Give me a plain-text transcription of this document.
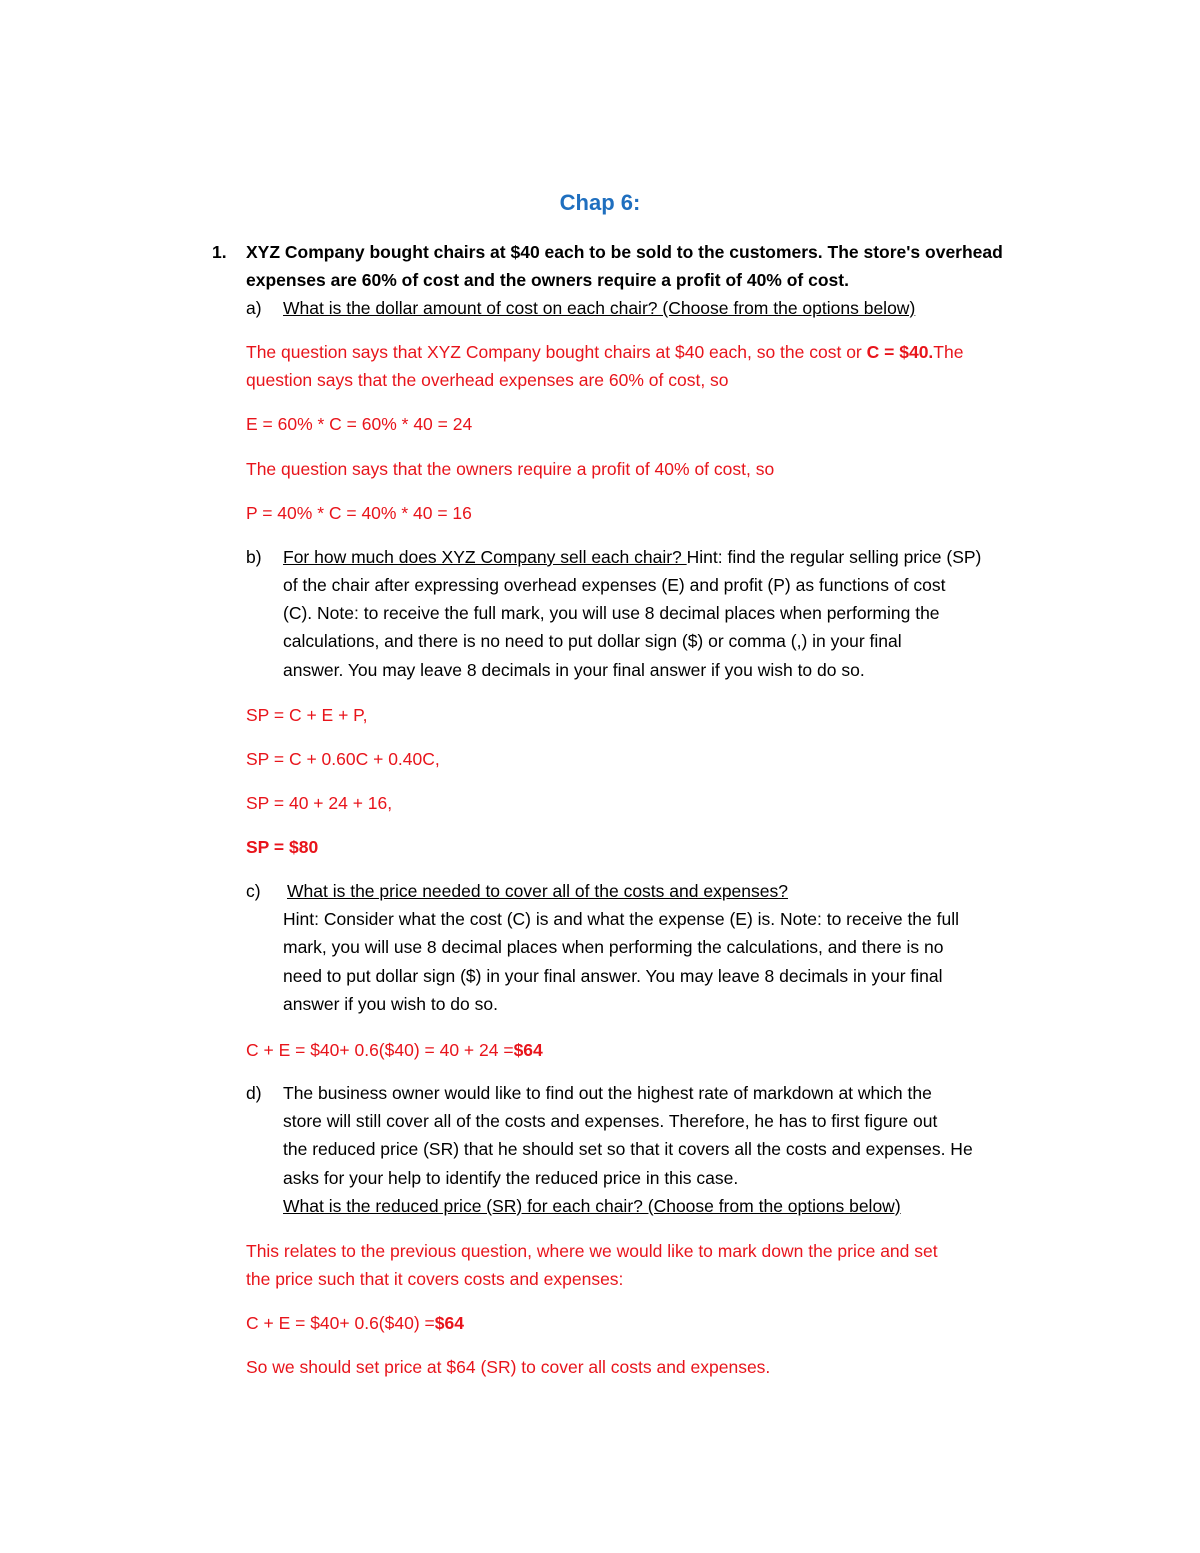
Chap 6:
1. XYZ Company bought chairs at $40 each to be sold to the customers. The store's overhead
expenses are 60% of cost and the owners require a profit of 40% of cost.
a) What is the dollar amount of cost on each chair? (Choose from the options below)
The question says that XYZ Company bought chairs at $40 each, so the cost or C = $40.The
question says that the overhead expenses are 60% of cost, so
E = 60% * C = 60% * 40 = 24
The question says that the owners require a profit of 40% of cost, so
P = 40% * C = 40% * 40 = 16
b) For how much does XYZ Company sell each chair? Hint: find the regular selling price (SP)
of the chair after expressing overhead expenses (E) and profit (P) as functions of cost
(C). Note: to receive the full mark, you will use 8 decimal places when performing the
calculations, and there is no need to put dollar sign ($) or comma (,) in your final
answer. You may leave 8 decimals in your final answer if you wish to do so.
SP = C + E + P,
SP = C + 0.60C + 0.40C,
SP = 40 + 24 + 16,
SP = $80
c) What is the price needed to cover all of the costs and expenses?
Hint: Consider what the cost (C) is and what the expense (E) is. Note: to receive the full
mark, you will use 8 decimal places when performing the calculations, and there is no
need to put dollar sign ($) in your final answer. You may leave 8 decimals in your final
answer if you wish to do so.
C + E = $40+ 0.6($40) = 40 + 24 =$64
d) The business owner would like to find out the highest rate of markdown at which the
store will still cover all of the costs and expenses. Therefore, he has to first figure out
the reduced price (SR) that he should set so that it covers all the costs and expenses. He
asks for your help to identify the reduced price in this case.
What is the reduced price (SR) for each chair? (Choose from the options below)
This relates to the previous question, where we would like to mark down the price and set
the price such that it covers costs and expenses:
C + E = $40+ 0.6($40) =$64
So we should set price at $64 (SR) to cover all costs and expenses.
